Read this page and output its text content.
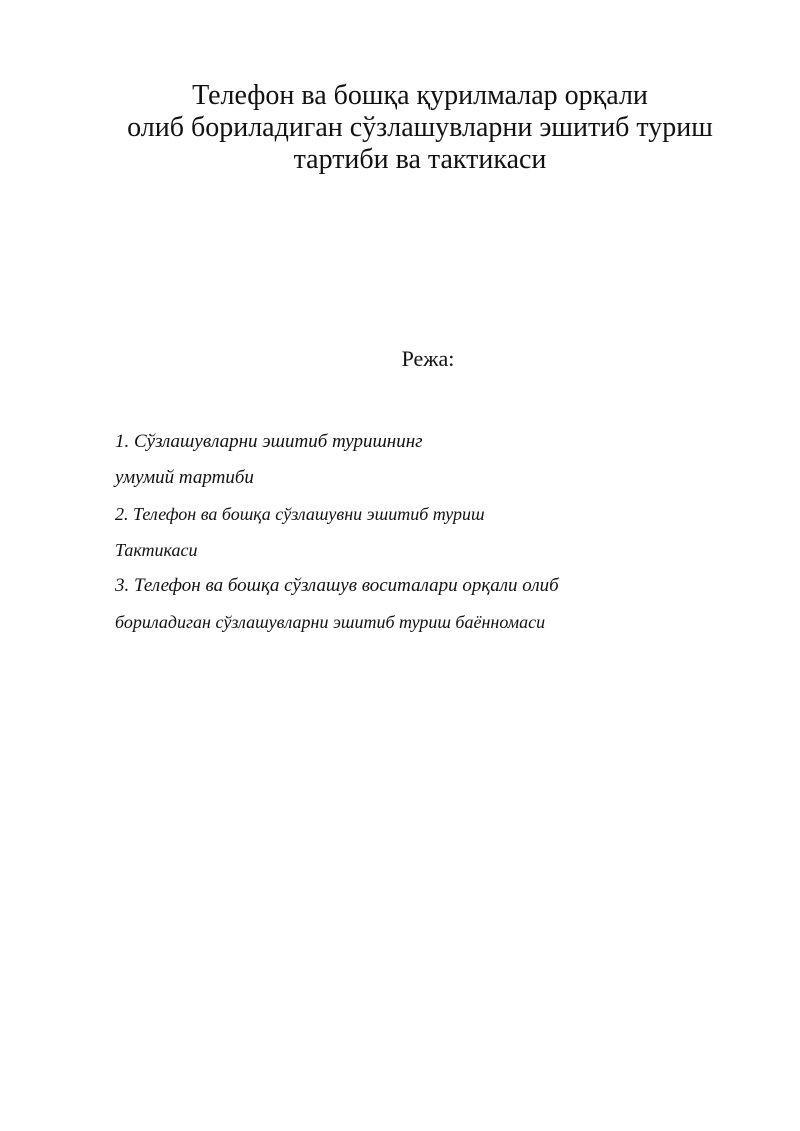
Телефон ва бошқа қурилмалар орқали
олиб бориладиган сўзлашувларни эшитиб туриш
тартиби ва тактикаси
Режа:
1. Сўзлашувларни эшитиб туришнинг
умумий тартиби
2. Телефон ва бошқа сўзлашувни эшитиб туриш
Тактикаси
3. Телефон ва бошқа сўзлашув воситалари орқали олиб
бориладиган сўзлашувларни эшитиб туриш баённомаси
